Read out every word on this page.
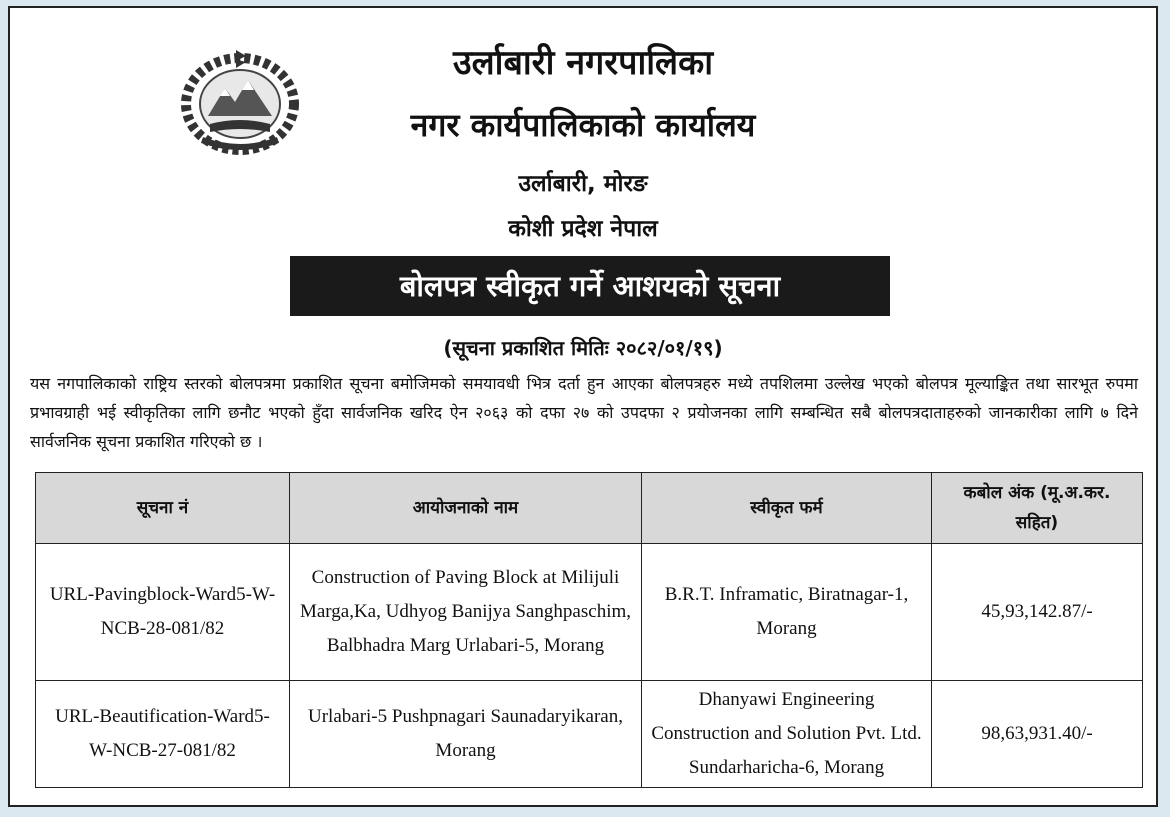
उर्लाबारी नगरपालिका
नगर कार्यपालिकाको कार्यालय
उर्लाबारी, मोरङ
कोशी प्रदेश नेपाल
बोलपत्र स्वीकृत गर्ने आशयको सूचना
(सूचना प्रकाशित मितिः २०८२/०१/१९)
यस नगपालिकाको राष्ट्रिय स्तरको बोलपत्रमा प्रकाशित सूचना बमोजिमको समयावधी भित्र दर्ता हुन आएका बोलपत्रहरु मध्ये तपशिलमा उल्लेख भएको बोलपत्र मूल्याङ्कित तथा सारभूत रुपमा प्रभावग्राही भई स्वीकृतिका लागि छनौट भएको हुँदा सार्वजनिक खरिद ऐन २०६३ को दफा २७ को उपदफा २ प्रयोजनका लागि सम्बन्धित सबै बोलपत्रदाताहरुको जानकारीका लागि ७ दिने सार्वजनिक सूचना प्रकाशित गरिएको छ ।
सूचना नं	आयोजनाको नाम	स्वीकृत फर्म	कबोल अंक (मू.अ.कर. सहित)
URL-Pavingblock-Ward5-W-NCB-28-081/82	Construction of Paving Block at Milijuli Marga,Ka, Udhyog Banijya Sanghpaschim, Balbhadra Marg Urlabari-5, Morang	B.R.T. Inframatic, Biratnagar-1, Morang	45,93,142.87/-
URL-Beautification-Ward5-W-NCB-27-081/82	Urlabari-5 Pushpnagari Saunadaryikaran, Morang	Dhanyawi Engineering Construction and Solution Pvt. Ltd. Sundarharicha-6, Morang	98,63,931.40/-
